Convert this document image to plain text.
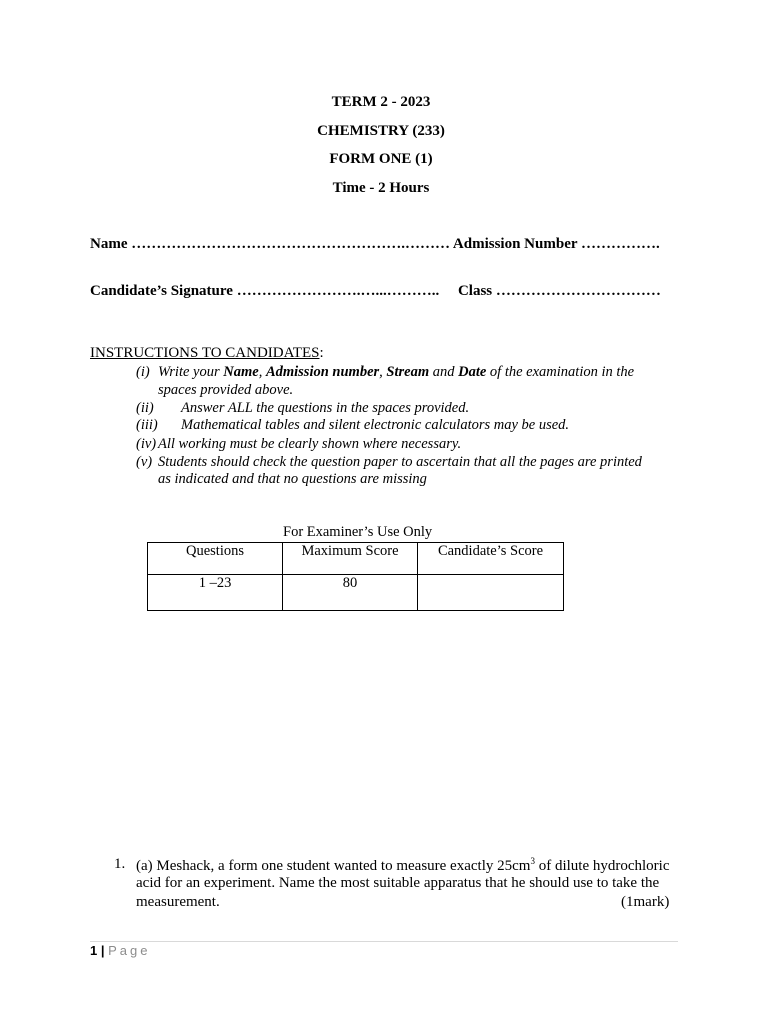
TERM 2 - 2023
CHEMISTRY (233)
FORM ONE (1)
Time - 2 Hours
Name ……………………………………………….……… Admission Number …………….
Candidate’s Signature …………………….…...………..     Class ……………………………
INSTRUCTIONS TO CANDIDATES:
(i) Write your Name, Admission number, Stream and Date of the examination in the
spaces provided above.
(ii) Answer ALL the questions in the spaces provided.
(iii) Mathematical tables and silent electronic calculators may be used.
(iv) All working must be clearly shown where necessary.
(v) Students should check the question paper to ascertain that all the pages are printed
as indicated and that no questions are missing
For Examiner’s Use Only
Questions	Maximum Score	Candidate’s Score
1 –23	80	
1. (a) Meshack, a form one student wanted to measure exactly $25cm^3$ of dilute hydrochloric
acid for an experiment. Name the most suitable apparatus that he should use to take the
measurement.	(1mark)
1 | Page
